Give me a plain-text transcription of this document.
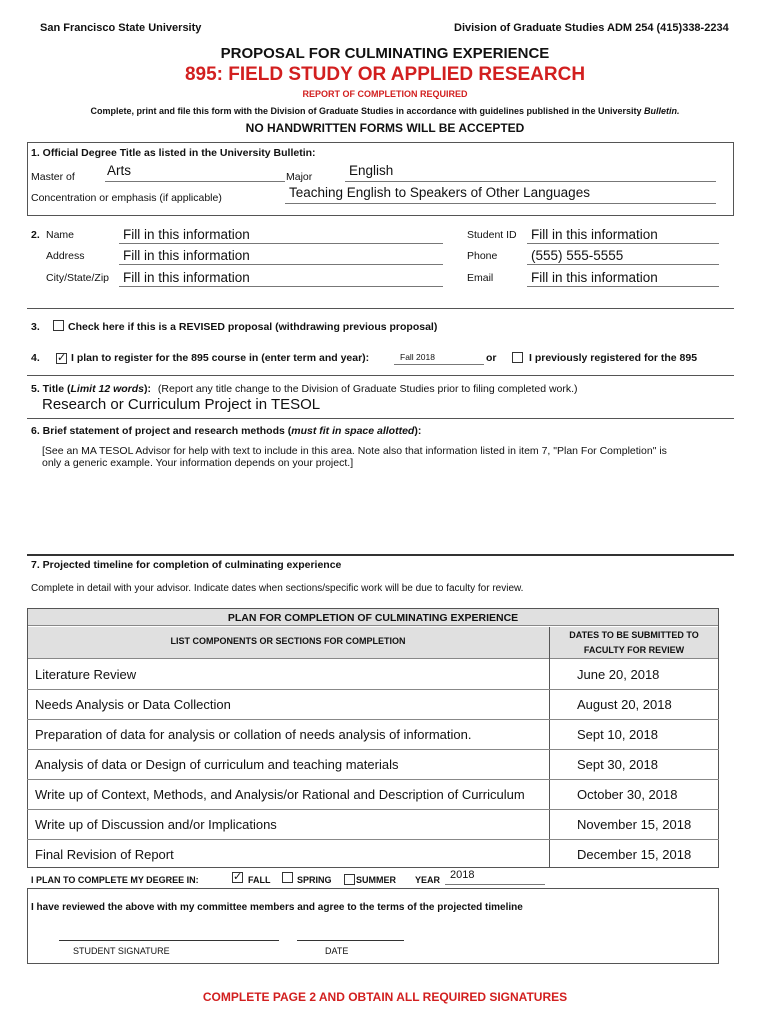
San Francisco State University	Division of Graduate Studies ADM 254 (415)338-2234
PROPOSAL FOR CULMINATING EXPERIENCE
895: FIELD STUDY OR APPLIED RESEARCH
REPORT OF COMPLETION REQUIRED
Complete, print and file this form with the Division of Graduate Studies in accordance with guidelines published in the University Bulletin.
NO HANDWRITTEN FORMS WILL BE ACCEPTED
1. Official Degree Title as listed in the University Bulletin:
Master of Arts	Major	English
Concentration or emphasis (if applicable)	Teaching English to Speakers of Other Languages
2. Name	Fill in this information
Address	Fill in this information
City/State/Zip Fill in this information
Student ID Fill in this information
Phone (555) 555-5555
Email	Fill in this information
3.	Check here if this is a REVISED proposal (withdrawing previous proposal)
4. ✓ I plan to register for the 895 course in (enter term and year):	Fall 2018	or	I previously registered for the 895
5. Title (Limit 12 words): (Report any title change to the Division of Graduate Studies prior to filing completed work.)
Research or Curriculum Project in TESOL
6. Brief statement of project and research methods (must fit in space allotted):
[See an MA TESOL Advisor for help with text to include in this area. Note also that information listed in item 7, "Plan For Completion" is
only a generic example. Your information depends on your project.]
7. Projected timeline for completion of culminating experience
Complete in detail with your advisor. Indicate dates when sections/specific work will be due to faculty for review.
PLAN FOR COMPLETION OF CULMINATING EXPERIENCE
LIST COMPONENTS OR SECTIONS FOR COMPLETION
DATES TO BE SUBMITTED TO
FACULTY FOR REVIEW
Literature Review	June 20, 2018
Needs Analysis or Data Collection	August 20, 2018
Preparation of data for analysis or collation of needs analysis of information.	Sept 10, 2018
Analysis of data or Design of curriculum and teaching materials	Sept 30, 2018
Write up of Context, Methods, and Analysis/or Rational and Description of Curriculum	October 30, 2018
Write up of Discussion and/or Implications	November 15, 2018
Final Revision of Report	December 15, 2018
I PLAN TO COMPLETE MY DEGREE IN:	✓ FALL	SPRING	SUMMER YEAR 2018
I have reviewed the above with my committee members and agree to the terms of the projected timeline
STUDENT SIGNATURE	DATE
COMPLETE PAGE 2 AND OBTAIN ALL REQUIRED SIGNATURES
